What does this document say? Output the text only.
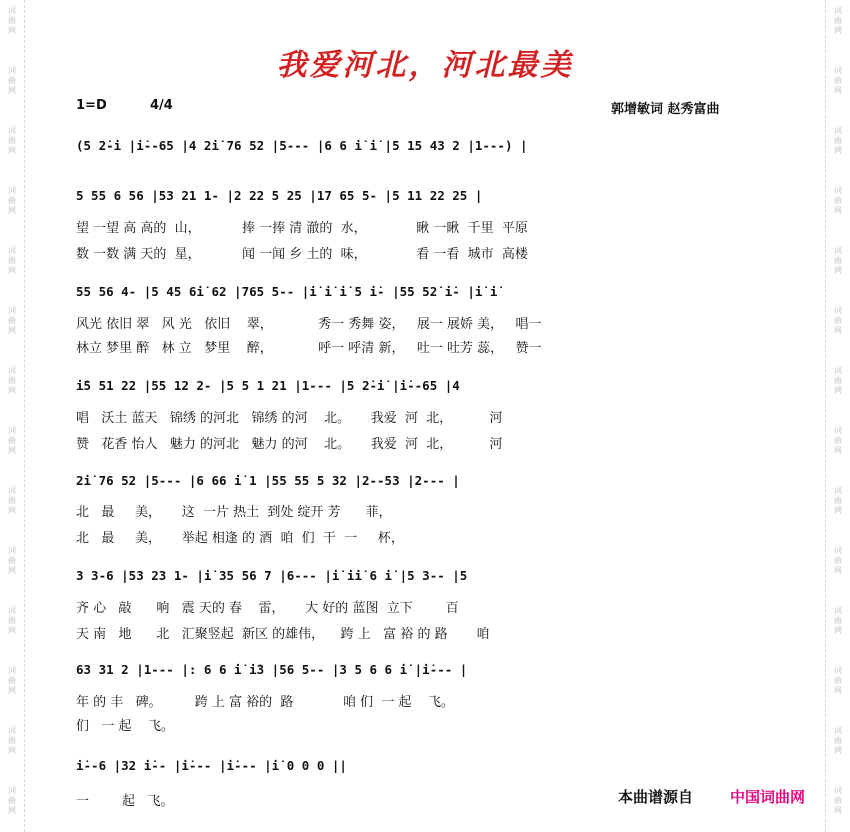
词
曲
网
词
曲
网
词
曲
网
词
曲
网
词
曲
网
词
曲
网
词
曲
网
词
曲
网
词
曲
网
词
曲
网
词
曲
网
词
曲
网
词
曲
网
词
曲
网
词
曲
网
词
曲
网
词
曲
网
词
曲
网
词
曲
网
词
曲
网
词
曲
网
词
曲
网
词
曲
网
词
曲
网
词
曲
网
词
曲
网
词
曲
网
词
曲
网
我爱河北，河北最美
1=D	4/4	郭增敏词 赵秀富曲
(5 2̇-i |i̇--65 |4 2i̇ 76 52 |5--- |6 6 i̇ i̇ |5 15 43 2 |1---) |
5 55 6 56 |53 21 1- |2 22 5 25 |17 65 5- |5 11 22 25 |
望 一望 高 高的  山，          捧 一捧 清 澈的  水，            瞅 一瞅  千里  平原
数 一数 满 天的  星，          闻 一闻 乡 土的  味，            看 一看  城市  高楼
55 56 4- |5 45 6i̇ 62 |765 5-- |i̇ i̇ i̇ 5 i̇- |55 52̇ i̇- |i̇ i̇
风光 依旧 翠   风 光   依旧    翠，           秀一 秀舞 姿，   展一 展娇 美，   唱一
林立 梦里 醉   林 立   梦里    醉，           呼一 呼清 新，   吐一 吐芳 蕊，   赞一
i̇5 51 22 |55 12 2- |5 5 1 21 |1--- |5 2̇-i̇ |i̇--65 |4
唱   沃土 蓝天   锦绣 的河北   锦绣 的河    北。     我爱  河  北，         河
赞   花香 怡人   魅力 的河北   魅力 的河    北。     我爱  河  北，         河
2i̇ 76 52 |5--- |6 66 i̇ 1 |55 55 5 32 |2--53 |2--- |
北   最     美，     这  一片 热土  到处 绽开 芳      菲，
北   最     美，     举起 相逢 的 酒  咱  们  干  一     杯，
3 3-6 |53 23 1- |i̇ 35 56 7 |6--- |i̇ i̇i̇ 6 i̇ |5 3-- |5
齐 心   敲      响   震 天的 春    雷，     大 好的 蓝图  立下        百
天 南   地      北   汇聚竖起  新区 的雄伟，    跨 上   富 裕 的 路       咱
63 31 2 |1--- |: 6 6 i̇ i̇3 |56 5-- |3 5 6 6 i̇ |i̇--- |
年 的 丰   碑。        跨 上 富 裕的  路            咱 们  一 起    飞。
们   一 起    飞。
i̇--6 |32 i̇-- |i̇--- |i̇--- |i̇ 0 0 0 ||
一        起   飞。	本曲谱源自 中国词曲网
